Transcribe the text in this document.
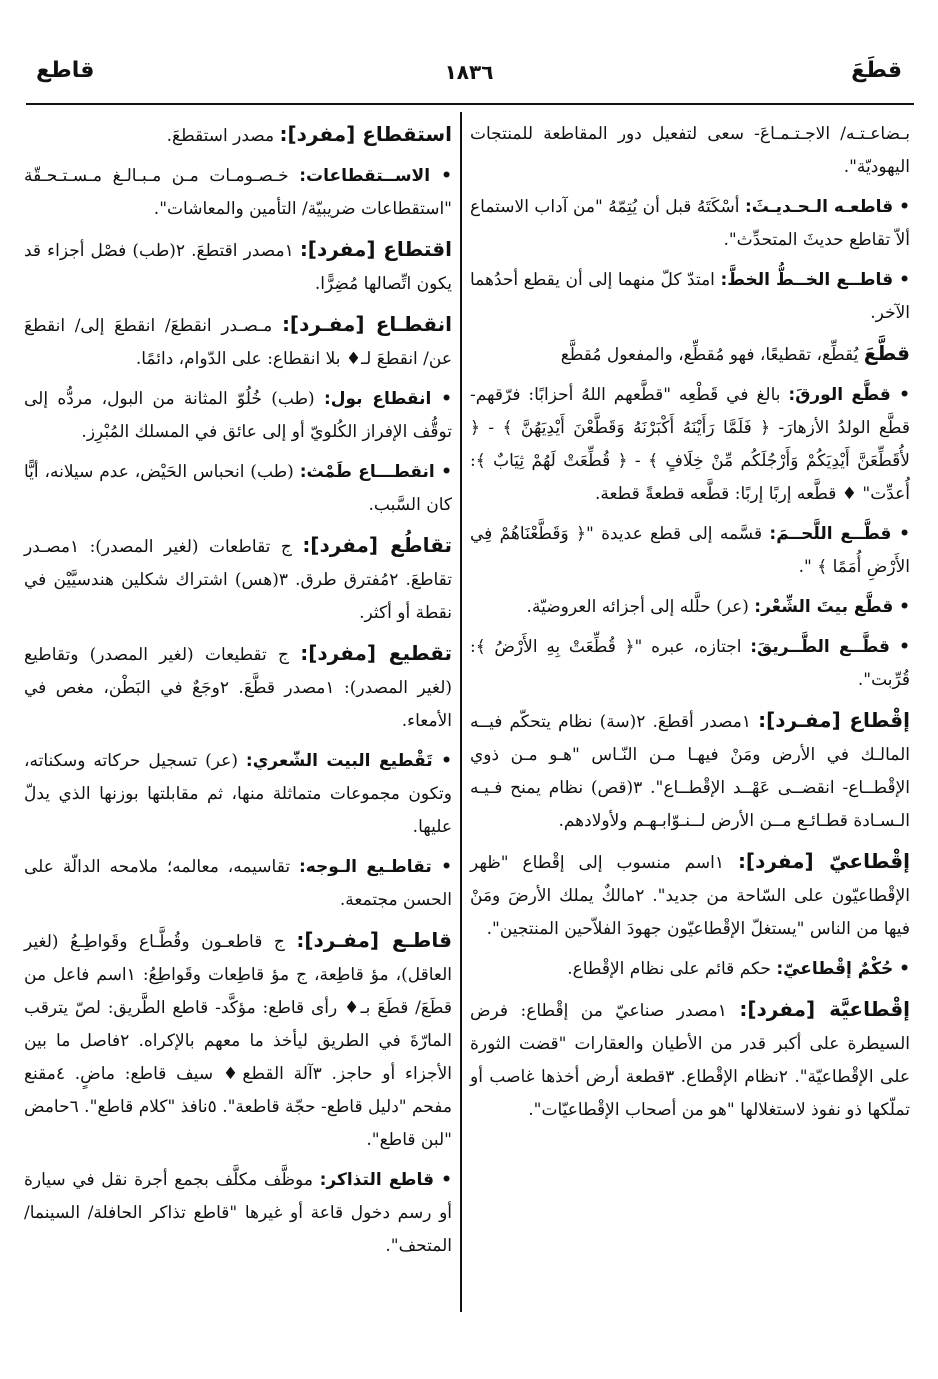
قطَعَ
١٨٣٦
قاطع

بـضاعـتـه/ الاجـتـمـاعَ- سعى لتفعيل دور المقاطعة للمنتجات اليهوديّة".

• قاطعـه الـحـديـثَ: أسْكَتَهُ قبل أن يُتِمّهُ "من آداب الاستماع ألاّ تقاطع حديثَ المتحدِّث".

• قاطــع الخــطُّ الخطَّ: امتدّ كلّ منهما إلى أن يقطع أحدُهما الآخر.

قطَّعَ يُقطِّع، تقطيعًا، فهو مُقطِّع، والمفعول مُقطَّع

• قطَّع الورقَ: بالغ في قَطْعِه "قطَّعهم اللهُ أحزابًا: فرّقهم- قطَّع الولدُ الأزهارَ- ﴿ فَلَمَّا رَأَيْنَهُ أَكْبَرْنَهُ وَقَطَّعْنَ أَيْدِيَهُنَّ ﴾ - ﴿ لأُقَطِّعَنَّ أَيْدِيَكُمْ وَأَرْجُلَكُم مِّنْ خِلَافٍ ﴾ - ﴿ قُطِّعَتْ لَهُمْ ثِيَابٌ ﴾: أُعدِّت" ♦ قطَّعه إربًا إربًا: قطَّعه قطعةً قطعة.

• قطَّــع اللَّحــمَ: قسَّمه إلى قطع عديدة "﴿ وَقَطَّعْنَاهُمْ فِي الأَرْضِ أُمَمًا ﴾ ".

• قطَّع بيتَ الشِّعْر: (عر) حلَّله إلى أجزائه العروضيّة.

• قطَّــع الطَّــريقَ: اجتازه، عبره "﴿ قُطِّعَتْ بِهِ الأَرْضُ ﴾: قُرِّبت".

إقْطاع [مفـرد]: ١مصدر أقطعَ. ٢(سة) نظام يتحكّم فيــه المالـك في الأرض ومَنْ فيهـا مـن النّـاس "هـو مـن ذوي الإقْطــاع- انقضــى عَهْــد الإقْطــاع". ٣(قص) نظام يمنح فـيـه الـسـادة قطـائـع مــن الأرض لــنـوّابـهـم ولأولادهم.

إقْطاعيّ [مفرد]: ١اسم منسوب إلى إقْطاع "ظهر الإقْطاعيّون على السّاحة من جديد". ٢مالكٌ يملك الأرضَ ومَنْ فيها من الناس "يستغلّ الإقْطاعيّون جهودَ الفلاّحين المنتجين".

• حُكْمٌ إقْطاعيّ: حكم قائم على نظام الإقْطاع.

إقْطاعيَّة [مفرد]: ١مصدر صناعيّ من إقْطاع: فرض السيطرة على أكبر قدر من الأطيان والعقارات "قضت الثورة على الإقْطاعيّة". ٢نظام الإقْطاع. ٣قطعة أرض أخذها غاصب أو تملّكها ذو نفوذ لاستغلالها "هو من أصحاب الإقْطاعيّات".

استقطاع [مفرد]: مصدر استقطعَ.

• الاســتقطاعات: خـصـومـات مـن مـبـالـغ مـسـتـحـقّة "استقطاعات ضريبيّة/ التأمين والمعاشات".

اقتطاع [مفرد]: ١مصدر اقتطعَ. ٢(طب) فصْل أجزاء قد يكون اتِّصالها مُضِرًّا.

انقطـاع [مفـرد]: مـصـدر انقطعَ/ انقطعَ إلى/ انقطعَ عن/ انقطعَ لـ♦ بلا انقطاع: على الدّوام، دائمًا.

• انقطاع بول: (طب) خُلُوّ المثانة من البول، مردُّه إلى توقُّف الإفراز الكُلويّ أو إلى عائق في المسلك المُبْرِز.

• انقطـــاع طَمْث: (طب) انحباس الحَيْض، عدم سيلانه، أيًّا كان السَّبب.

تقاطُع [مفرد]: ج تقاطعات (لغير المصدر): ١مصـدر تقاطعَ. ٢مُفترق طرق. ٣(هس) اشتراك شكلين هندسيَّيْن في نقطة أو أكثر.

تقطيع [مفرد]: ج تقطيعات (لغير المصدر) وتقاطيع (لغير المصدر): ١مصدر قطَّعَ. ٢وجَعٌ في البَطْن، مغص في الأمعاء.

• تَقْطيع البيت الشّعري: (عر) تسجيل حركاته وسكناته، وتكون مجموعات متماثلة منها، ثم مقابلتها بوزنها الذي يدلّ عليها.

• تقاطـيع الـوجه: تقاسيمه، معالمه؛ ملامحه الدالّة على الحسن مجتمعة.

قاطـع [مفـرد]: ج قاطعـون وقُطَّـاع وقَواطِـعُ (لغير العاقل)، مؤ قاطِعة، ج مؤ قاطِعات وقَواطِعُ: ١اسم فاعل من قطَعَ/ قطَعَ بـ♦ رأى قاطع: مؤكَّد- قاطع الطَّريق: لصّ يترقب المارّةَ في الطريق ليأخذ ما معهم بالإكراه. ٢فاصل ما بين الأجزاء أو حاجز. ٣آلة القطع♦ سيف قاطع: ماضٍ. ٤مقنع مفحم "دليل قاطع- حجّة قاطعة". ٥نافذ "كلام قاطع". ٦حامض "لبن قاطع".

• قاطع التذاكر: موظَّف مكلَّف بجمع أجرة نقل في سيارة أو رسم دخول قاعة أو غيرها "قاطع تذاكر الحافلة/ السينما/ المتحف".
